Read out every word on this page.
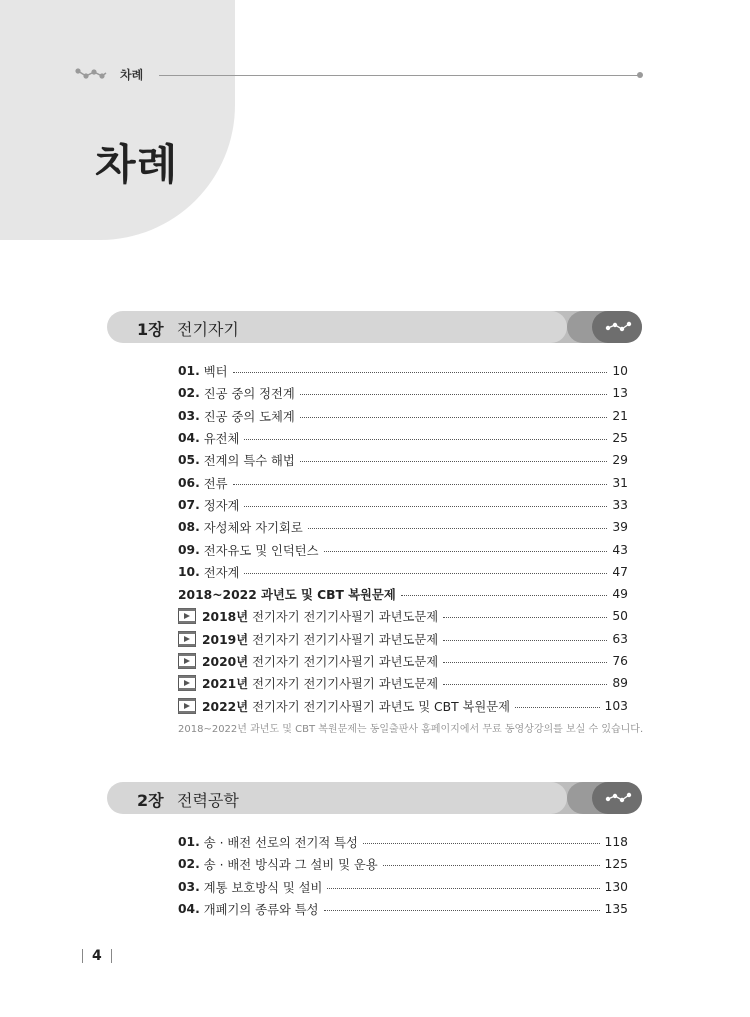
차례
차례
1장 전기자기
01. 벡터	10
02. 진공 중의 정전계	13
03. 진공 중의 도체계	21
04. 유전체	25
05. 전계의 특수 해법	29
06. 전류	31
07. 정자계	33
08. 자성체와 자기회로	39
09. 전자유도 및 인덕턴스	43
10. 전자계	47
2018~2022 과년도 및 CBT 복원문제	49
2018년 전기자기 전기기사필기 과년도문제	50
2019년 전기자기 전기기사필기 과년도문제	63
2020년 전기자기 전기기사필기 과년도문제	76
2021년 전기자기 전기기사필기 과년도문제	89
2022년 전기자기 전기기사필기 과년도 및 CBT 복원문제	103
2018~2022년 과년도 및 CBT 복원문제는 동일출판사 홈페이지에서 무료 동영상강의를 보실 수 있습니다.
2장 전력공학
01. 송 · 배전 선로의 전기적 특성	118
02. 송 · 배전 방식과 그 설비 및 운용	125
03. 계통 보호방식 및 설비	130
04. 개폐기의 종류와 특성	135
4
